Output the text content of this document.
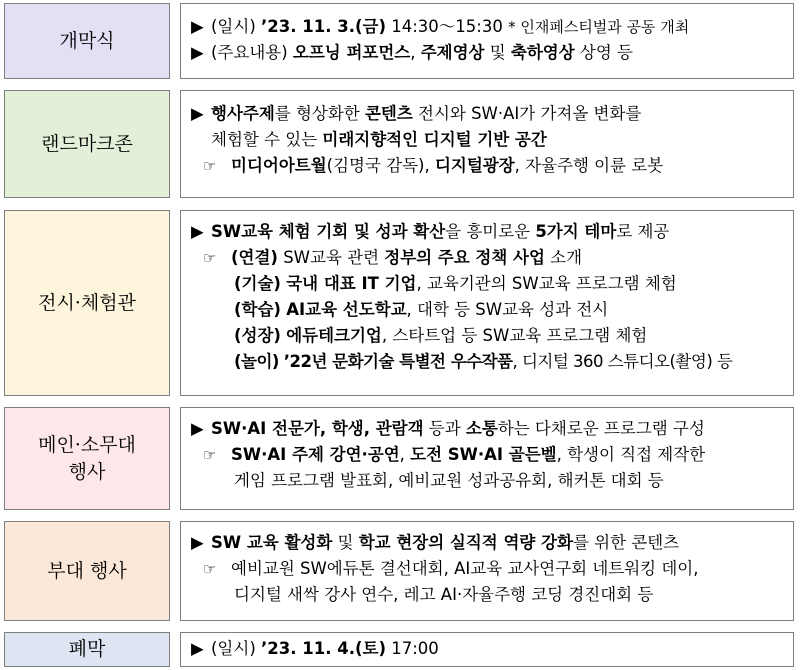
개막식
▶ (일시) ’23. 11. 3.(금) 14:30～15:30 * 인재페스티벌과 공동 개최
▶ (주요내용) 오프닝 퍼포먼스, 주제영상 및 축하영상 상영 등
랜드마크존
▶ 행사주제를 형상화한 콘텐츠 전시와 SW·AI가 가져올 변화를
체험할 수 있는 미래지향적인 디지털 기반 공간
☞ 미디어아트월(김명국 감독), 디지털광장, 자율주행 이륜 로봇
전시·체험관
▶ SW교육 체험 기회 및 성과 확산을 흥미로운 5가지 테마로 제공
☞ (연결) SW교육 관련 정부의 주요 정책 사업 소개
(기술) 국내 대표 IT 기업, 교육기관의 SW교육 프로그램 체험
(학습) AI교육 선도학교, 대학 등 SW교육 성과 전시
(성장) 에듀테크기업, 스타트업 등 SW교육 프로그램 체험
(놀이) ’22년 문화기술 특별전 우수작품, 디지털 360 스튜디오(촬영) 등
메인·소무대
행사
▶ SW·AI 전문가, 학생, 관람객 등과 소통하는 다채로운 프로그램 구성
☞ SW·AI 주제 강연·공연, 도전 SW·AI 골든벨, 학생이 직접 제작한
게임 프로그램 발표회, 예비교원 성과공유회, 해커톤 대회 등
부대 행사
▶ SW 교육 활성화 및 학교 현장의 실직적 역량 강화를 위한 콘텐츠
☞ 예비교원 SW에듀톤 결선대회, AI교육 교사연구회 네트워킹 데이,
디지털 새싹 강사 연수, 레고 AI·자율주행 코딩 경진대회 등
폐막	▶ (일시) ’23. 11. 4.(토) 17:00
